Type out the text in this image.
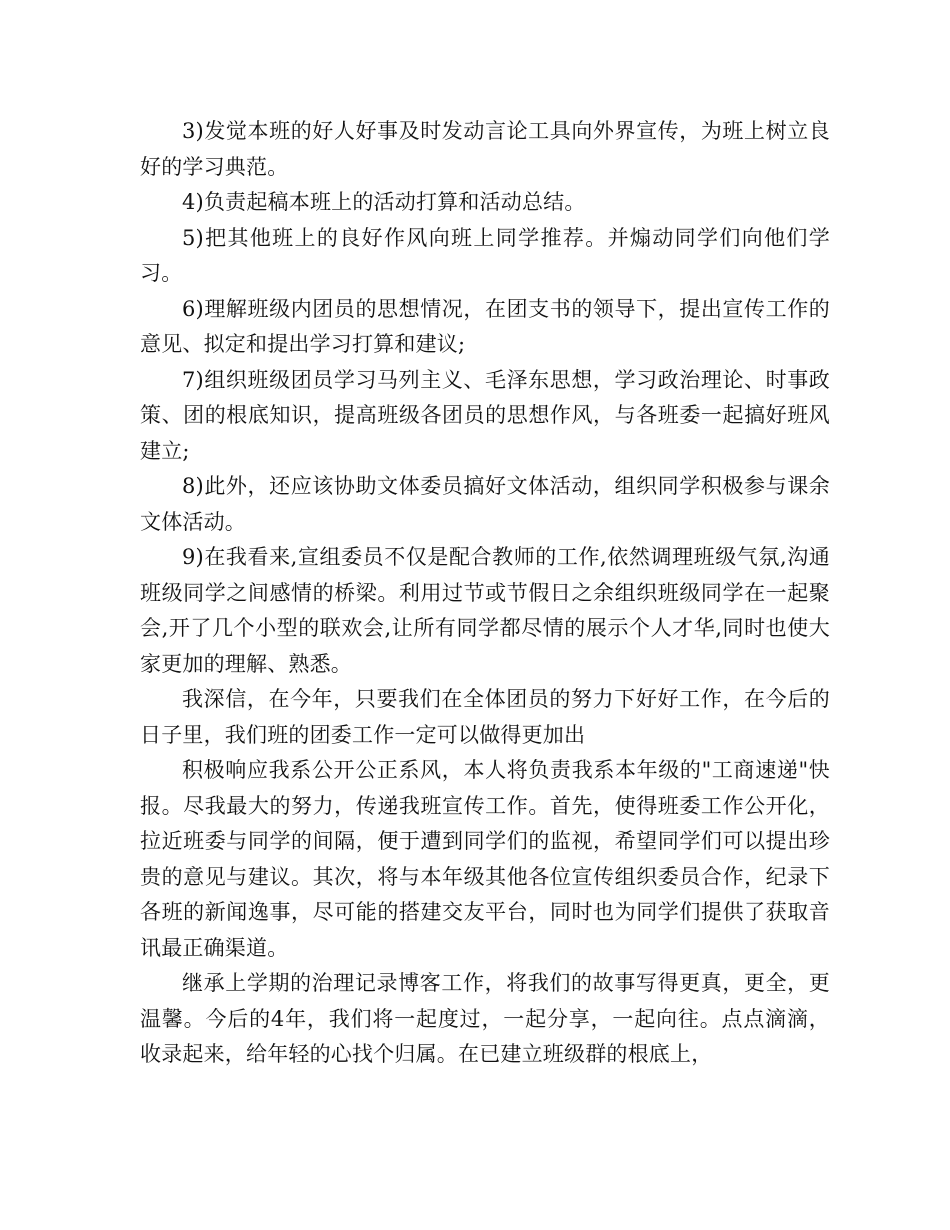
3)发觉本班的好人好事及时发动言论工具向外界宣传，为班上树立良好的学习典范。

4)负责起稿本班上的活动打算和活动总结。

5)把其他班上的良好作风向班上同学推荐。并煽动同学们向他们学习。

6)理解班级内团员的思想情况，在团支书的领导下，提出宣传工作的意见、拟定和提出学习打算和建议;

7)组织班级团员学习马列主义、毛泽东思想，学习政治理论、时事政策、团的根底知识，提高班级各团员的思想作风，与各班委一起搞好班风建立;

8)此外，还应该协助文体委员搞好文体活动，组织同学积极参与课余文体活动。

9)在我看来,宣组委员不仅是配合教师的工作,依然调理班级气氛,沟通班级同学之间感情的桥梁。利用过节或节假日之余组织班级同学在一起聚会,开了几个小型的联欢会,让所有同学都尽情的展示个人才华,同时也使大家更加的理解、熟悉。

我深信，在今年，只要我们在全体团员的努力下好好工作，在今后的日子里，我们班的团委工作一定可以做得更加出

积极响应我系公开公正系风，本人将负责我系本年级的"工商速递"快报。尽我最大的努力，传递我班宣传工作。首先，使得班委工作公开化，拉近班委与同学的间隔，便于遭到同学们的监视，希望同学们可以提出珍贵的意见与建议。其次，将与本年级其他各位宣传组织委员合作，纪录下各班的新闻逸事，尽可能的搭建交友平台，同时也为同学们提供了获取音讯最正确渠道。

继承上学期的治理记录博客工作，将我们的故事写得更真，更全，更温馨。今后的4年，我们将一起度过，一起分享，一起向往。点点滴滴，收录起来，给年轻的心找个归属。在已建立班级群的根底上，
